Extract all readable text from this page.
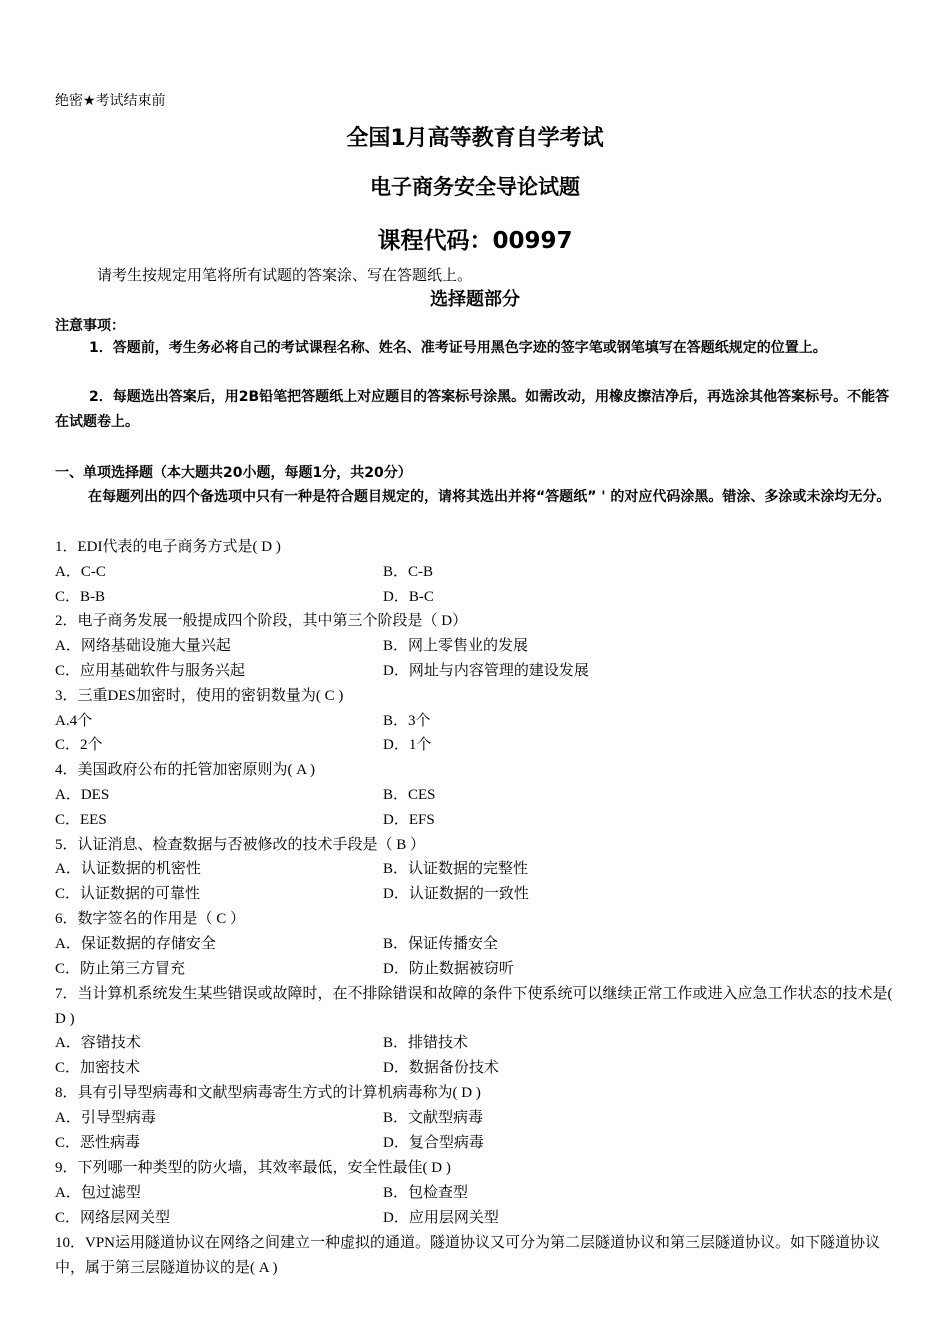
绝密★考试结束前
全国1月高等教育自学考试
电子商务安全导论试题
课程代码：00997
请考生按规定用笔将所有试题的答案涂、写在答题纸上。
选择题部分
注意事项：
1．答题前，考生务必将自己的考试课程名称、姓名、准考证号用黑色字迹的签字笔或钢笔填写在答题纸规定的位置上。
2．每题选出答案后，用2B铅笔把答题纸上对应题目的答案标号涂黑。如需改动，用橡皮擦洁净后，再选涂其他答案标号。不能答在试题卷上。
一、单项选择题（本大题共20小题，每题1分，共20分）
在每题列出的四个备选项中只有一种是符合题目规定的，请将其选出并将“答题纸” ' 的对应代码涂黑。错涂、多涂或未涂均无分。
1．EDI代表的电子商务方式是( D )
A．C-C	B．C-B
C．B-B	D．B-C
2．电子商务发展一般提成四个阶段，其中第三个阶段是（ D）
A．网络基础设施大量兴起	B．网上零售业的发展
C．应用基础软件与服务兴起	D．网址与内容管理的建设发展
3．三重DES加密时，使用的密钥数量为( C )
A.4个	B．3个
C．2个	D．1个
4．美国政府公布的托管加密原则为( A )
A．DES	B．CES
C．EES	D．EFS
5．认证消息、检查数据与否被修改的技术手段是（ B ）
A．认证数据的机密性	B．认证数据的完整性
C．认证数据的可靠性	D．认证数据的一致性
6．数字签名的作用是（ C ）
A．保证数据的存储安全	B．保证传播安全
C．防止第三方冒充	D．防止数据被窃听
7．当计算机系统发生某些错误或故障时，在不排除错误和故障的条件下使系统可以继续正常工作或进入应急工作状态的技术是( D )
A．容错技术	B．排错技术
C．加密技术	D．数据备份技术
8．具有引导型病毒和文献型病毒寄生方式的计算机病毒称为( D )
A．引导型病毒	B．文献型病毒
C．恶性病毒	D．复合型病毒
9．下列哪一种类型的防火墙，其效率最低，安全性最佳( D )
A．包过滤型	B．包检查型
C．网络层网关型	D．应用层网关型
10．VPN运用隧道协议在网络之间建立一种虚拟的通道。隧道协议又可分为第二层隧道协议和第三层隧道协议。如下隧道协议中，属于第三层隧道协议的是( A )
